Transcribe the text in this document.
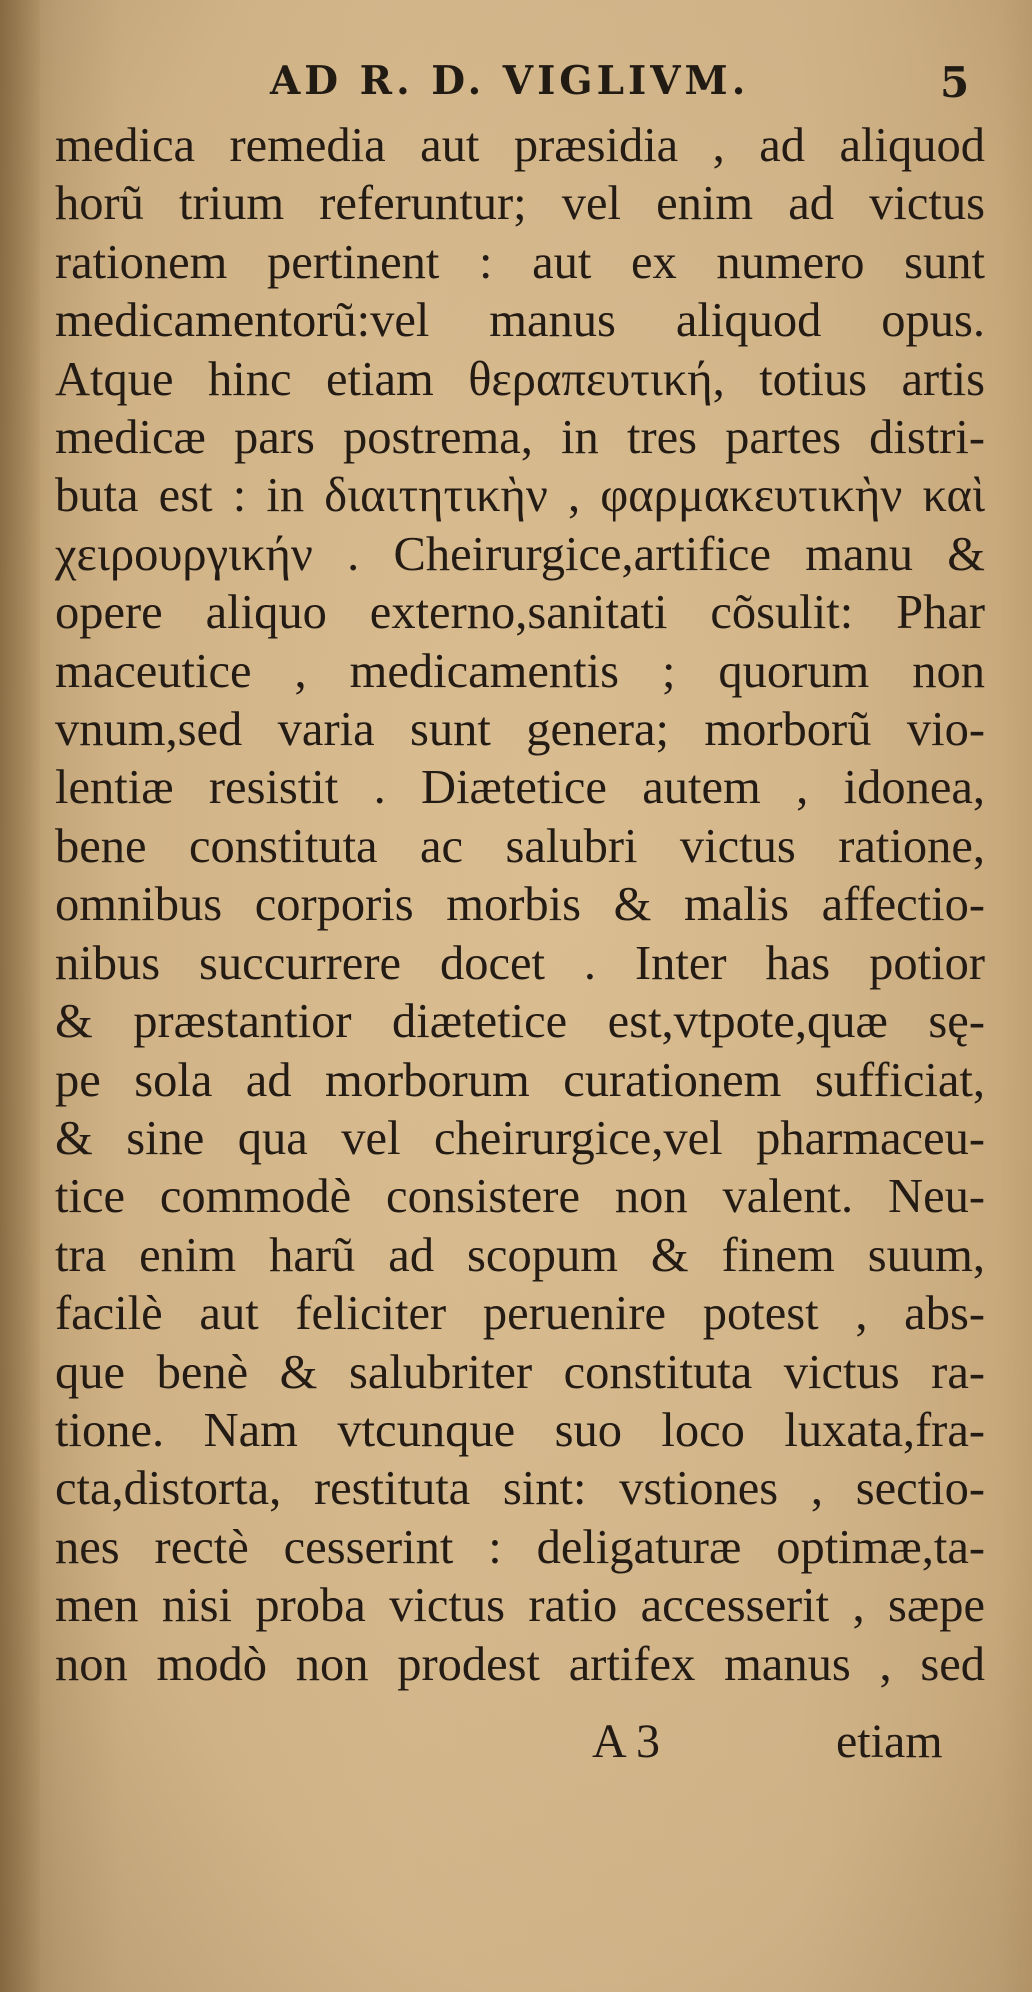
AD R. D. VIGLIVM.	5
medica remedia aut præsidia , ad aliquod
horũ trium referuntur; vel enim ad victus
rationem pertinent : aut ex numero sunt
medicamentorũ:vel manus aliquod opus.
Atque hinc etiam θεραπευτική, totius artis
medicæ pars postrema, in tres partes distri-
buta est : in διαιτητικὴν , φαρμακευτικὴν καὶ
χειρουργικήν . Cheirurgice,artifice manu &
opere aliquo externo,sanitati cõsulit: Phar
maceutice , medicamentis ; quorum non
vnum,sed varia sunt genera; morborũ vio-
lentiæ resistit . Diætetice autem , idonea,
bene constituta ac salubri victus ratione,
omnibus corporis morbis & malis affectio-
nibus succurrere docet . Inter has potior
& præstantior diætetice est,vtpote,quæ sę-
pe sola ad morborum curationem sufficiat,
& sine qua vel cheirurgice,vel pharmaceu-
tice commodè consistere non valent. Neu-
tra enim harũ ad scopum & finem suum,
facilè aut feliciter peruenire potest , abs-
que benè & salubriter constituta victus ra-
tione. Nam vtcunque suo loco luxata,fra-
cta,distorta, restituta sint: vstiones , sectio-
nes rectè cesserint : deligaturæ optimæ,ta-
men nisi proba victus ratio accesserit , sæpe
non modò non prodest artifex manus , sed
A 3	etiam
